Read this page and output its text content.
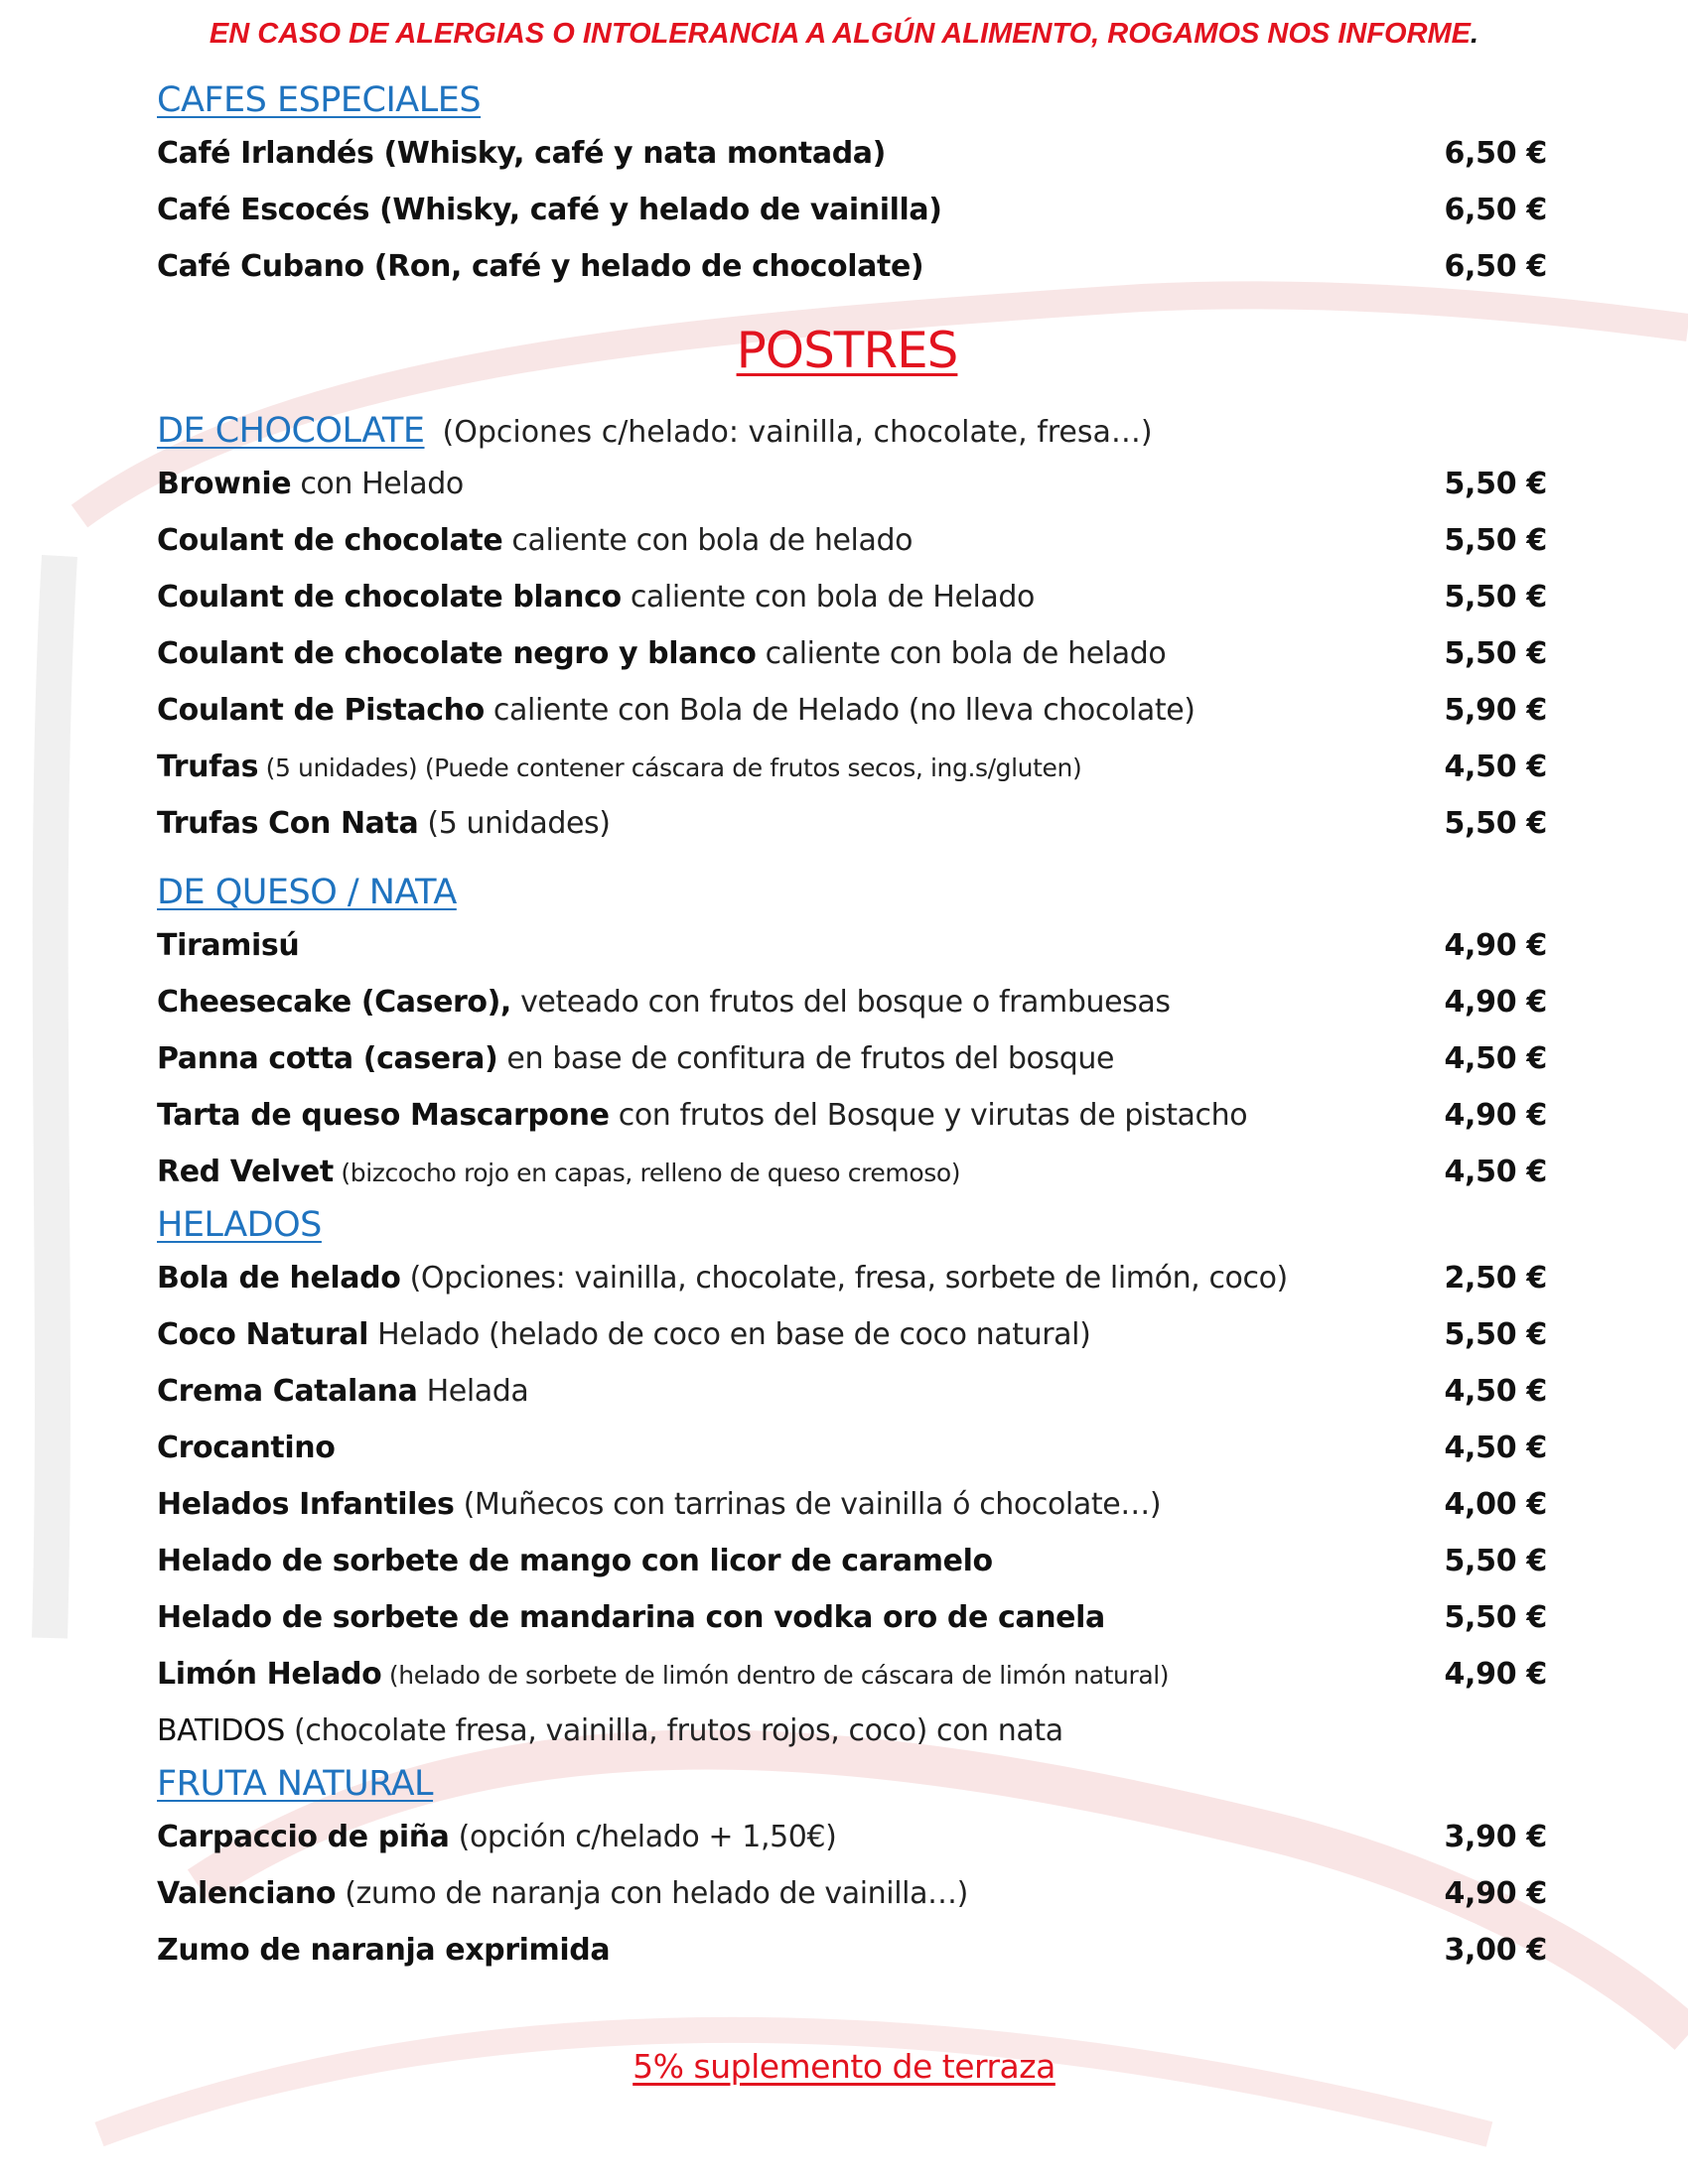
EN CASO DE ALERGIAS O INTOLERANCIA A ALGÚN ALIMENTO, ROGAMOS NOS INFORME.

CAFES ESPECIALES
Café Irlandés (Whisky, café y nata montada)	6,50 €
Café Escocés (Whisky, café y helado de vainilla)	6,50 €
Café Cubano (Ron, café y helado de chocolate)	6,50 €
POSTRES
DE CHOCOLATE (Opciones c/helado: vainilla, chocolate, fresa…)
Brownie con Helado	5,50 €
Coulant de chocolate caliente con bola de helado	5,50 €
Coulant de chocolate blanco caliente con bola de Helado	5,50 €
Coulant de chocolate negro y blanco caliente con bola de helado	5,50 €
Coulant de Pistacho caliente con Bola de Helado (no lleva chocolate)	5,90 €
Trufas (5 unidades) (Puede contener cáscara de frutos secos, ing.s/gluten)	4,50 €
Trufas Con Nata (5 unidades)	5,50 €
DE QUESO / NATA
Tiramisú	4,90 €
Cheesecake (Casero), veteado con frutos del bosque o frambuesas	4,90 €
Panna cotta (casera) en base de confitura de frutos del bosque	4,50 €
Tarta de queso Mascarpone con frutos del Bosque y virutas de pistacho	4,90 €
Red Velvet (bizcocho rojo en capas, relleno de queso cremoso)	4,50 €
HELADOS
Bola de helado (Opciones: vainilla, chocolate, fresa, sorbete de limón, coco)	2,50 €
Coco Natural Helado (helado de coco en base de coco natural)	5,50 €
Crema Catalana Helada	4,50 €
Crocantino	4,50 €
Helados Infantiles (Muñecos con tarrinas de vainilla ó chocolate…)	4,00 €
Helado de sorbete de mango con licor de caramelo	5,50 €
Helado de sorbete de mandarina con vodka oro de canela	5,50 €
Limón Helado (helado de sorbete de limón dentro de cáscara de limón natural)	4,90 €
BATIDOS (chocolate fresa, vainilla, frutos rojos, coco) con nata
FRUTA NATURAL
Carpaccio de piña (opción c/helado + 1,50€)	3,90 €
Valenciano (zumo de naranja con helado de vainilla…)	4,90 €
Zumo de naranja exprimida	3,00 €
5% suplemento de terraza
